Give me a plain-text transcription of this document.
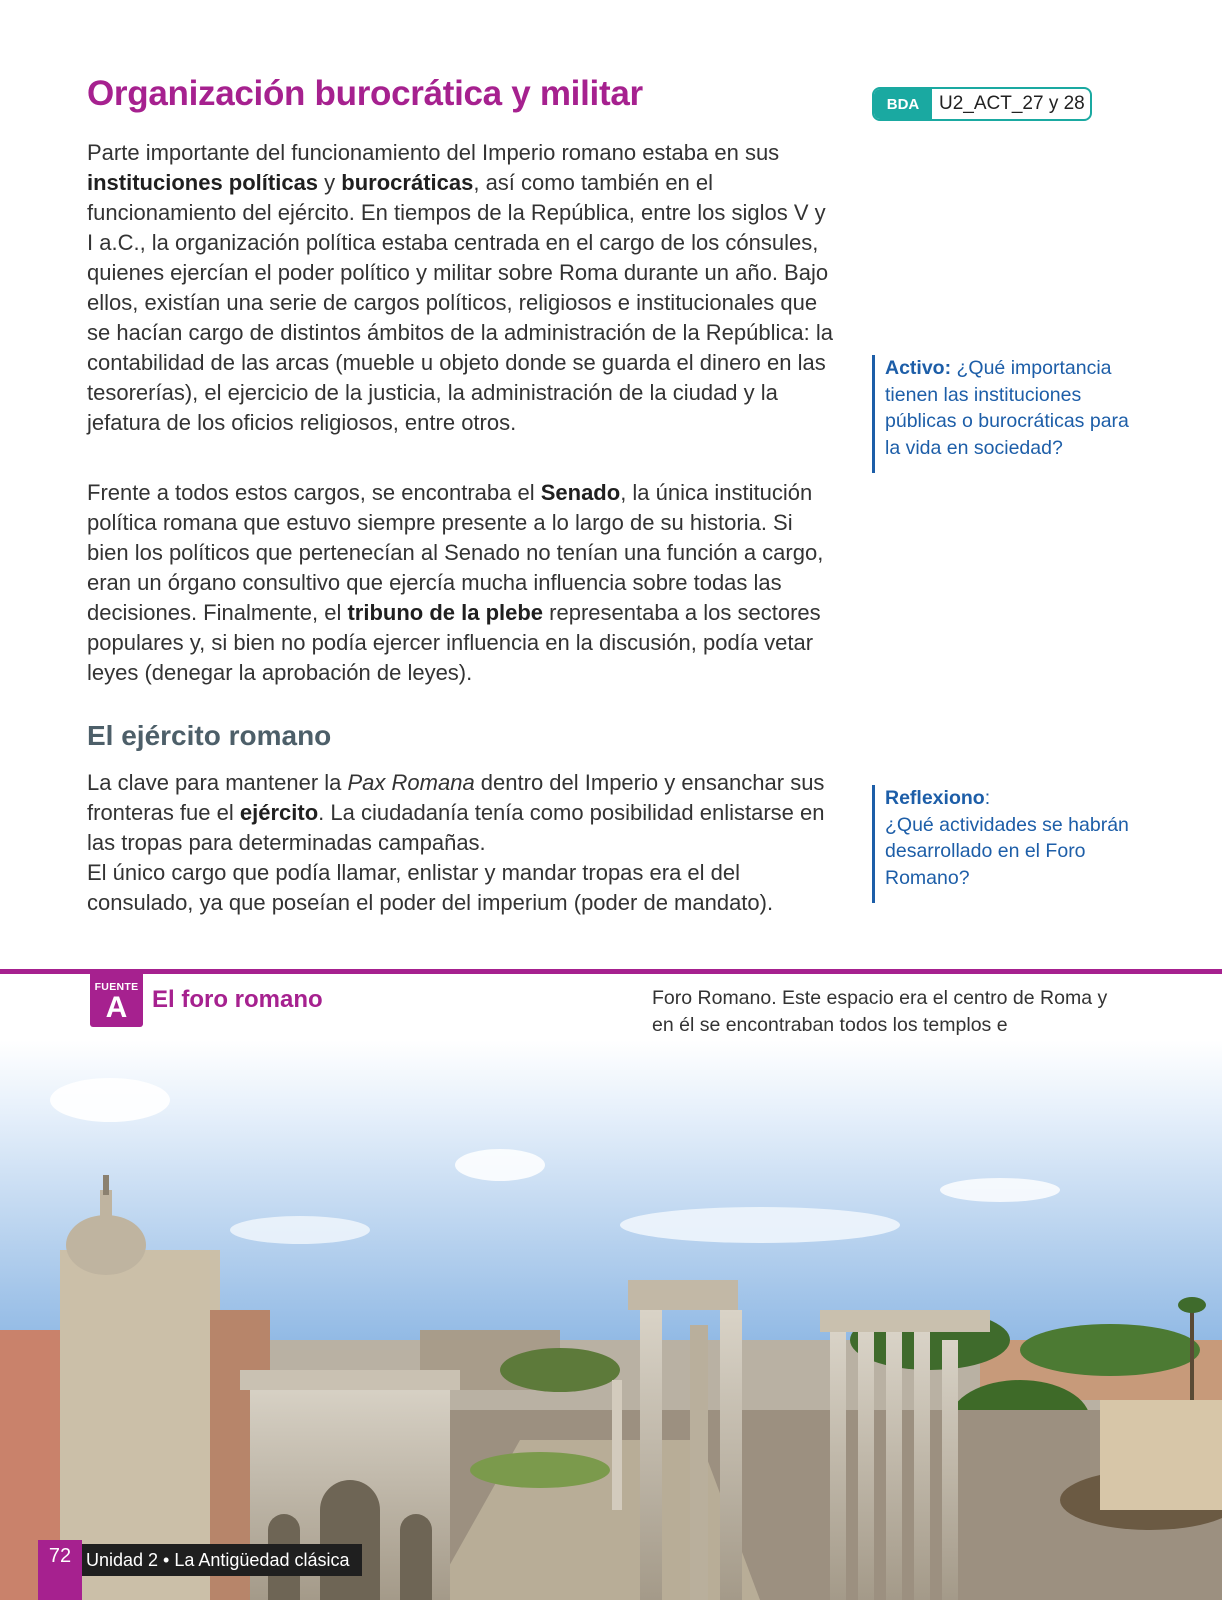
Organización burocrática y militar	BDA	U2_ACT_27 y 28

Parte importante del funcionamiento del Imperio romano estaba en sus instituciones políticas y burocráticas, así como también en el funcionamiento del ejército. En tiempos de la República, entre los siglos V y I a.C., la organización política estaba centrada en el cargo de los cónsules, quienes ejercían el poder político y militar sobre Roma durante un año. Bajo ellos, existían una serie de cargos políticos, religiosos e institucionales que se hacían cargo de distintos ámbitos de la administración de la República: la contabilidad de las arcas (mueble u objeto donde se guarda el dinero en las tesorerías), el ejercicio de la justicia, la administración de la ciudad y la jefatura de los oficios religiosos, entre otros.

Frente a todos estos cargos, se encontraba el Senado, la única institución política romana que estuvo siempre presente a lo largo de su historia. Si bien los políticos que pertenecían al Senado no tenían una función a cargo, eran un órgano consultivo que ejercía mucha influencia sobre todas las decisiones. Finalmente, el tribuno de la plebe representaba a los sectores populares y, si bien no podía ejercer influencia en la discusión, podía vetar leyes (denegar la aprobación de leyes).

El ejército romano

La clave para mantener la Pax Romana dentro del Imperio y ensanchar sus fronteras fue el ejército. La ciudadanía tenía como posibilidad enlistarse en las tropas para determinadas campañas.
El único cargo que podía llamar, enlistar y mandar tropas era el del consulado, ya que poseían el poder del imperium (poder de mandato).

Activo: ¿Qué importancia tienen las instituciones públicas o burocráticas para la vida en sociedad?
Reflexiono:
¿Qué actividades se habrán desarrollado en el Foro Romano?
FUENTE
A	El foro romano	Foro Romano. Este espacio era el centro de Roma y en él se encontraban todos los templos e

72 Unidad 2 • La Antigüedad clásica
